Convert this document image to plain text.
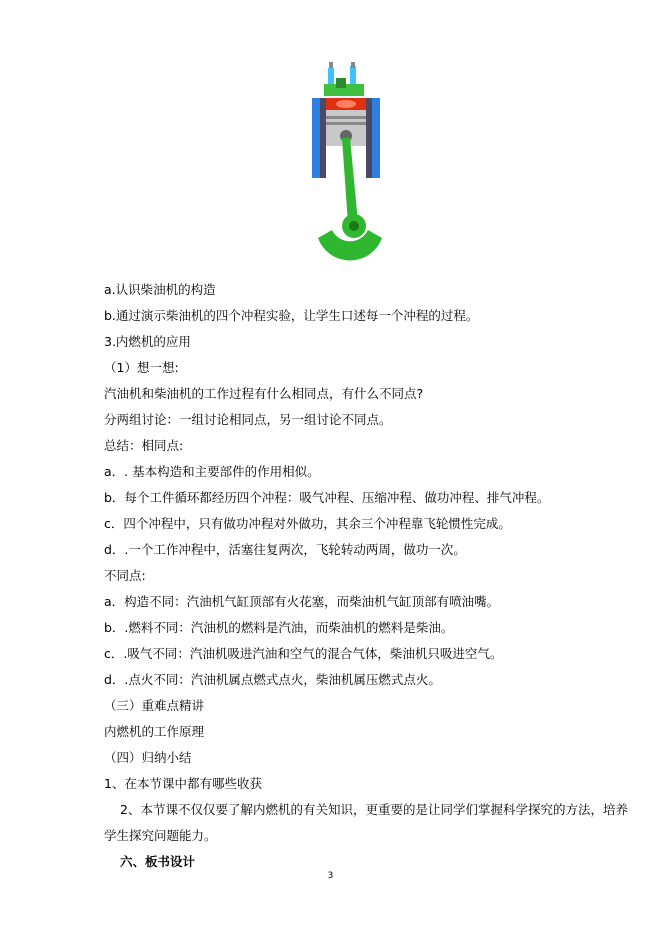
a.认识柴油机的构造
b.通过演示柴油机的四个冲程实验，让学生口述每一个冲程的过程。
3.内燃机的应用
（1）想一想:
汽油机和柴油机的工作过程有什么相同点，有什么不同点?
分两组讨论：一组讨论相同点，另一组讨论不同点。
总结：相同点:
a．. 基本构造和主要部件的作用相似。
b．每个工件循环都经历四个冲程：吸气冲程、压缩冲程、做功冲程、排气冲程。
c．四个冲程中，只有做功冲程对外做功，其余三个冲程靠飞轮惯性完成。
d．.一个工作冲程中，活塞往复两次，飞轮转动两周，做功一次。
不同点:
a．构造不同：汽油机气缸顶部有火花塞，而柴油机气缸顶部有喷油嘴。
b．.燃料不同：汽油机的燃料是汽油，而柴油机的燃料是柴油。
c．.吸气不同：汽油机吸进汽油和空气的混合气体，柴油机只吸进空气。
d．.点火不同：汽油机属点燃式点火，柴油机属压燃式点火。
（三）重难点精讲
内燃机的工作原理
（四）归纳小结
1、在本节课中都有哪些收获
2、本节课不仅仅要了解内燃机的有关知识，更重要的是让同学们掌握科学探究的方法，培养
学生探究问题能力。
六、板书设计
3
